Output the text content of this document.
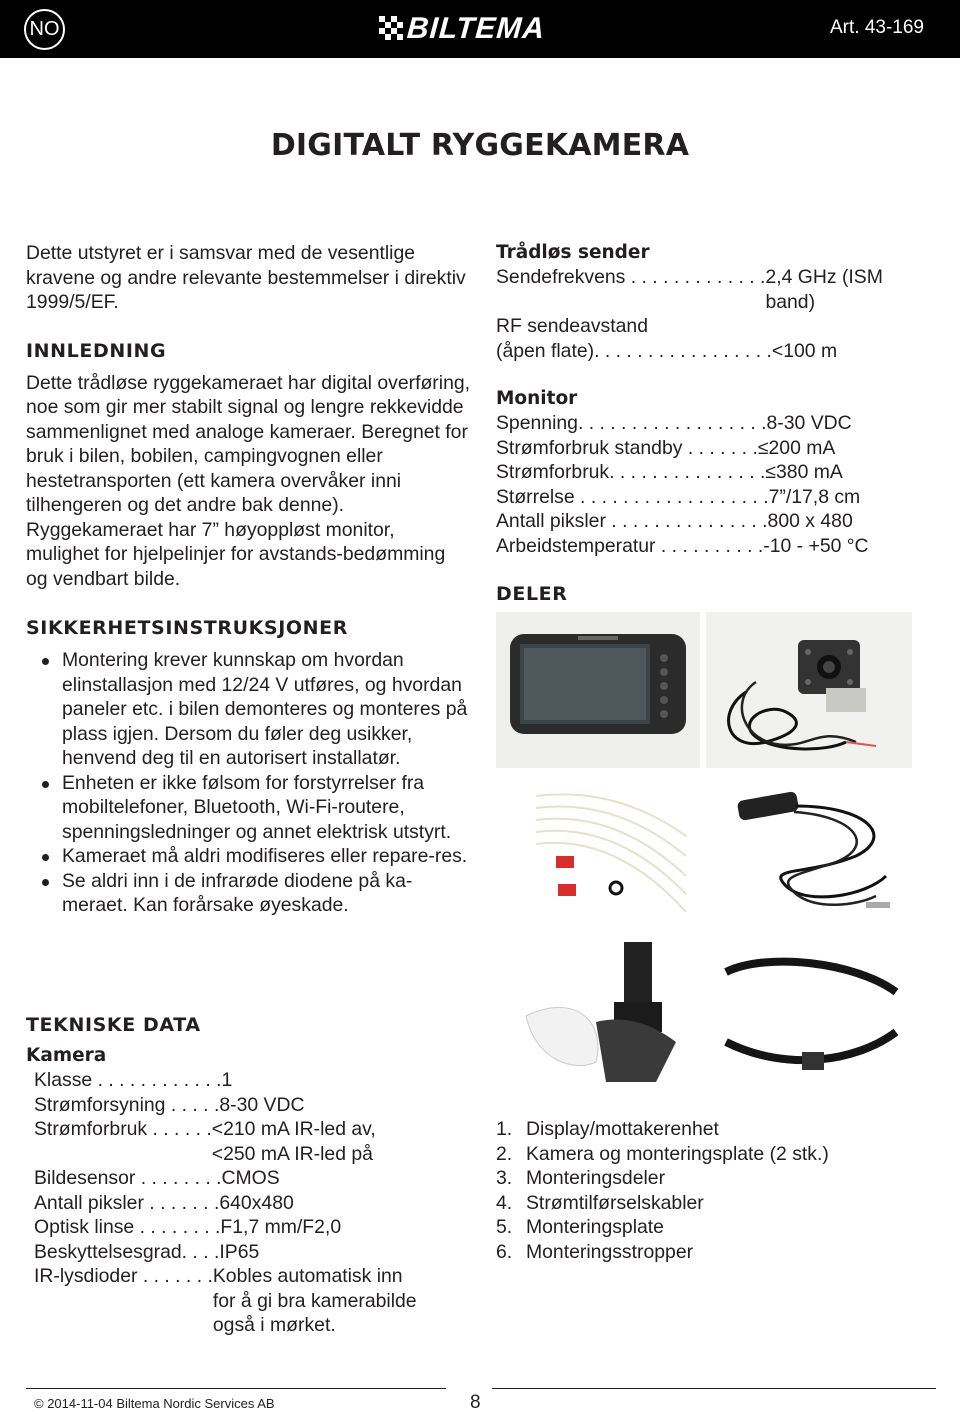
NO	BILTEMA	Art. 43-169
DIGITALT RYGGEKAMERA

Dette utstyret er i samsvar med de vesentlige kravene og andre relevante bestemmelser i direktiv 1999/5/EF.

INNLEDNING

Dette trådløse ryggekameraet har digital overføring, noe som gir mer stabilt signal og lengre rekkevidde sammenlignet med analoge kameraer. Beregnet for bruk i bilen, bobilen, campingvognen eller hestetransporten (ett kamera overvåker inni tilhengeren og det andre bak denne). Ryggekameraet har 7” høyoppløst monitor, mulighet for hjelpelinjer for avstands-bedømming og vendbart bilde.

SIKKERHETSINSTRUKSJONER
Montering krever kunnskap om hvordan elinstallasjon med 12/24 V utføres, og hvordan paneler etc. i bilen demonteres og monteres på plass igjen. Dersom du føler deg usikker, henvend deg til en autorisert installatør.
Enheten er ikke følsom for forstyrrelser fra mobiltelefoner, Bluetooth, Wi-Fi-routere, spenningsledninger og annet elektrisk utstyrt.
Kameraet må aldri modifiseres eller repare-res.
Se aldri inn i de infrarøde diodene på ka-meraet. Kan forårsake øyeskade.
TEKNISKE DATA
Kamera
Klasse . . . . . . . . . . . . 1
Strømforsyning . . . . . 8-30 VDC
Strømforbruk . . . . . . <210 mA IR-led av,
<250 mA IR-led på
Bildesensor . . . . . . . . CMOS
Antall piksler . . . . . . . 640x480
Optisk linse . . . . . . . . F1,7 mm/F2,0
Beskyttelsesgrad. . . . IP65
IR-lysdioder . . . . . . . Kobles automatisk inn
for å gi bra kamerabilde
også i mørket.
Trådløs sender
Sendefrekvens . . . . . . . . . . . . . 2,4 GHz (ISM
band)
RF sendeavstand
(åpen flate). . . . . . . . . . . . . . . . . <100 m
Monitor
Spenning. . . . . . . . . . . . . . . . . . 8-30 VDC
Strømforbruk standby . . . . . . . ≤200 mA
Strømforbruk. . . . . . . . . . . . . . . ≤380 mA
Størrelse . . . . . . . . . . . . . . . . . . 7”/17,8 cm
Antall piksler . . . . . . . . . . . . . . . 800 x 480
Arbeidstemperatur . . . . . . . . . . -10 - +50 °C
DELER
1. Display/mottakerenhet
2. Kamera og monteringsplate (2 stk.)
3. Monteringsdeler
4. Strømtilførselskabler
5. Monteringsplate
6. Monteringsstropper
© 2014-11-04 Biltema Nordic Services AB	8
